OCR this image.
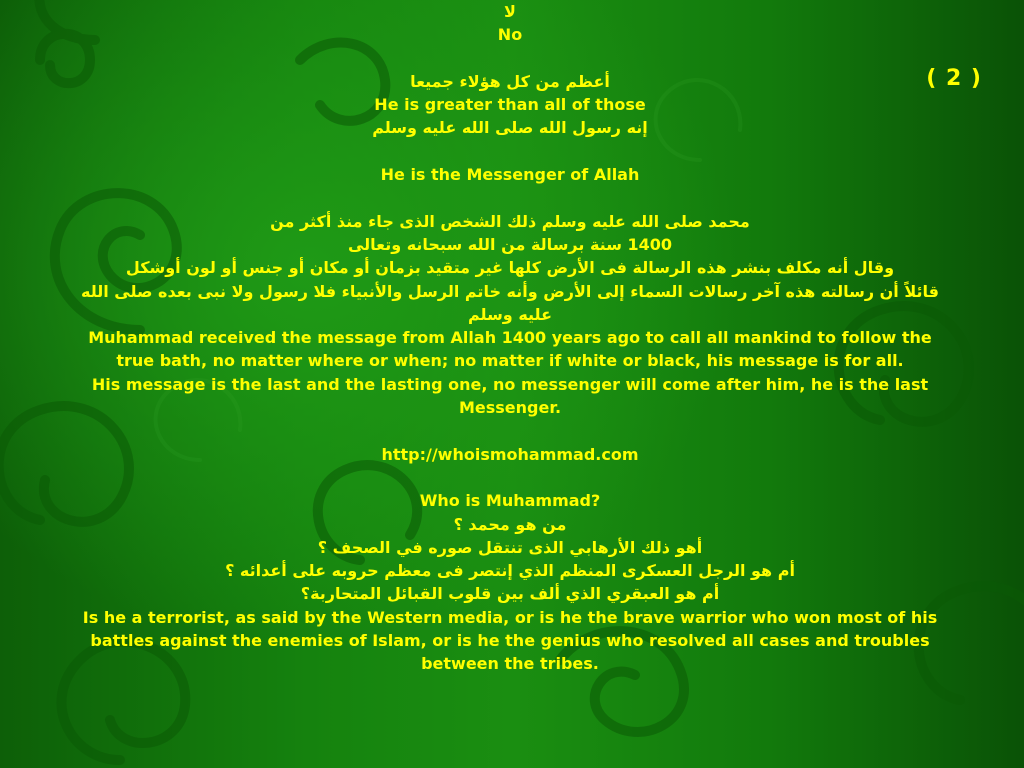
( 2 )
لا
No
أعظم من كل هؤلاء جميعا
He is greater than all of those
إنه رسول الله صلى الله عليه وسلم
He is the Messenger of Allah
محمد صلى الله عليه وسلم ذلك الشخص الذى جاء منذ أكثر من
1400 سنة برسالة من الله سبحانه وتعالى
وقال أنه مكلف بنشر هذه الرسالة فى الأرض كلها غير متقيد بزمان أو مكان أو جنس أو لون أوشكل
قائلاً أن رسالته هذه آخر رسالات السماء إلى الأرض وأنه خاتم الرسل والأنبياء فلا رسول ولا نبى بعده صلى الله عليه وسلم
Muhammad received the message from Allah 1400 years ago to call all mankind to follow the true bath, no matter where or when; no matter if white or black, his message is for all.
His message is the last and the lasting one, no messenger will come after him, he is the last Messenger.
http://whoismohammad.com
Who is Muhammad?
من هو محمد ؟
أهو ذلك الأرهابي الذى تنتقل صوره في الصحف ؟
أم هو الرجل العسكرى المنظم الذي إنتصر فى معظم حروبه على أعدائه ؟
أم هو العبقري الذي ألف بين قلوب القبائل المتحاربة؟
Is he a terrorist, as said by the Western media, or is he the brave warrior who won most of his battles against the enemies of Islam, or is he the genius who resolved all cases and troubles between the tribes.
